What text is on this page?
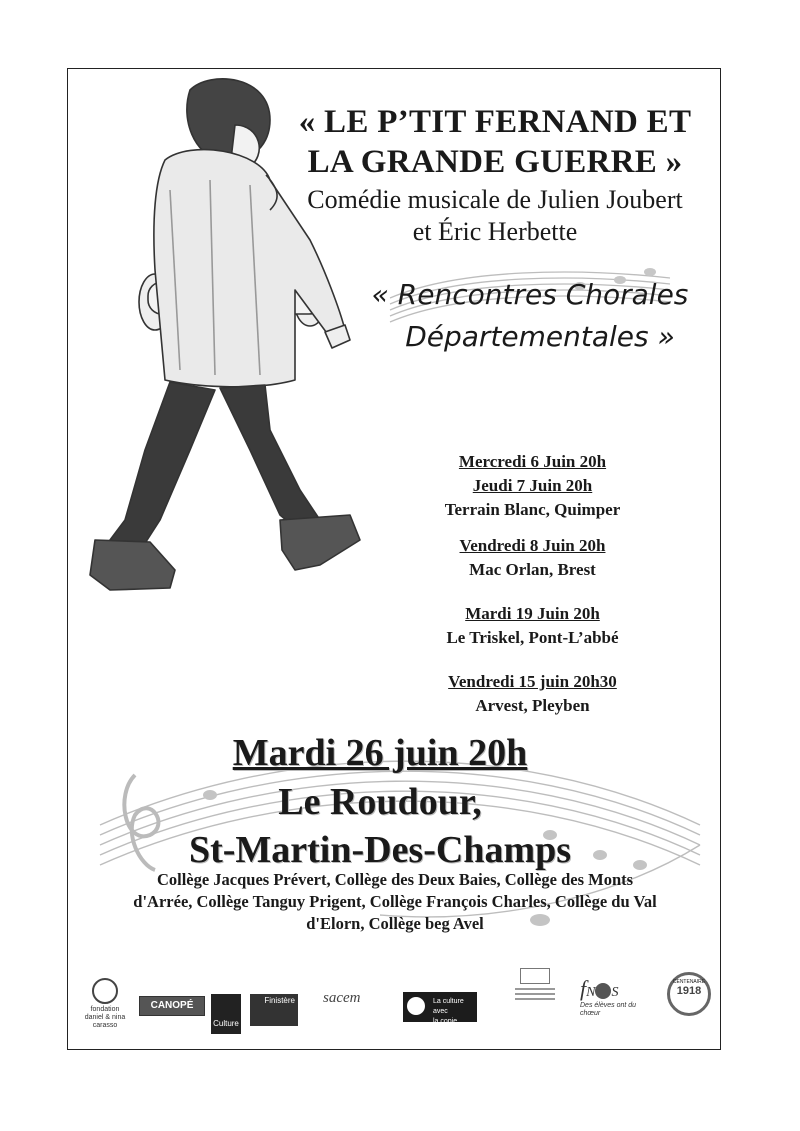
« LE P’TIT FERNAND ET
LA GRANDE GUERRE »
Comédie musicale de Julien Joubert
et Éric Herbette
« Rencontres Chorales
Départementales »
Mercredi 6 Juin 20h
Jeudi 7 Juin 20h
Terrain Blanc, Quimper
Vendredi 8 Juin 20h
Mac Orlan, Brest
Mardi 19 Juin 20h
Le Triskel, Pont-L’abbé
Vendredi 15 juin 20h30
Arvest, Pleyben
Mardi 26 juin 20h
Le Roudour,
St-Martin-Des-Champs
Collège Jacques Prévert, Collège des Deux Baies, Collège des Monts
d'Arrée, Collège Tanguy Prigent, Collège François Charles, Collège du Val
d'Elorn, Collège beg Avel
fondation
daniel & nina carasso
CANOPÉ
Culture
Finistère sacem	La culture avec
la copie privée
fN S
Des élèves ont du chœur
CENTENAIRE
1918
